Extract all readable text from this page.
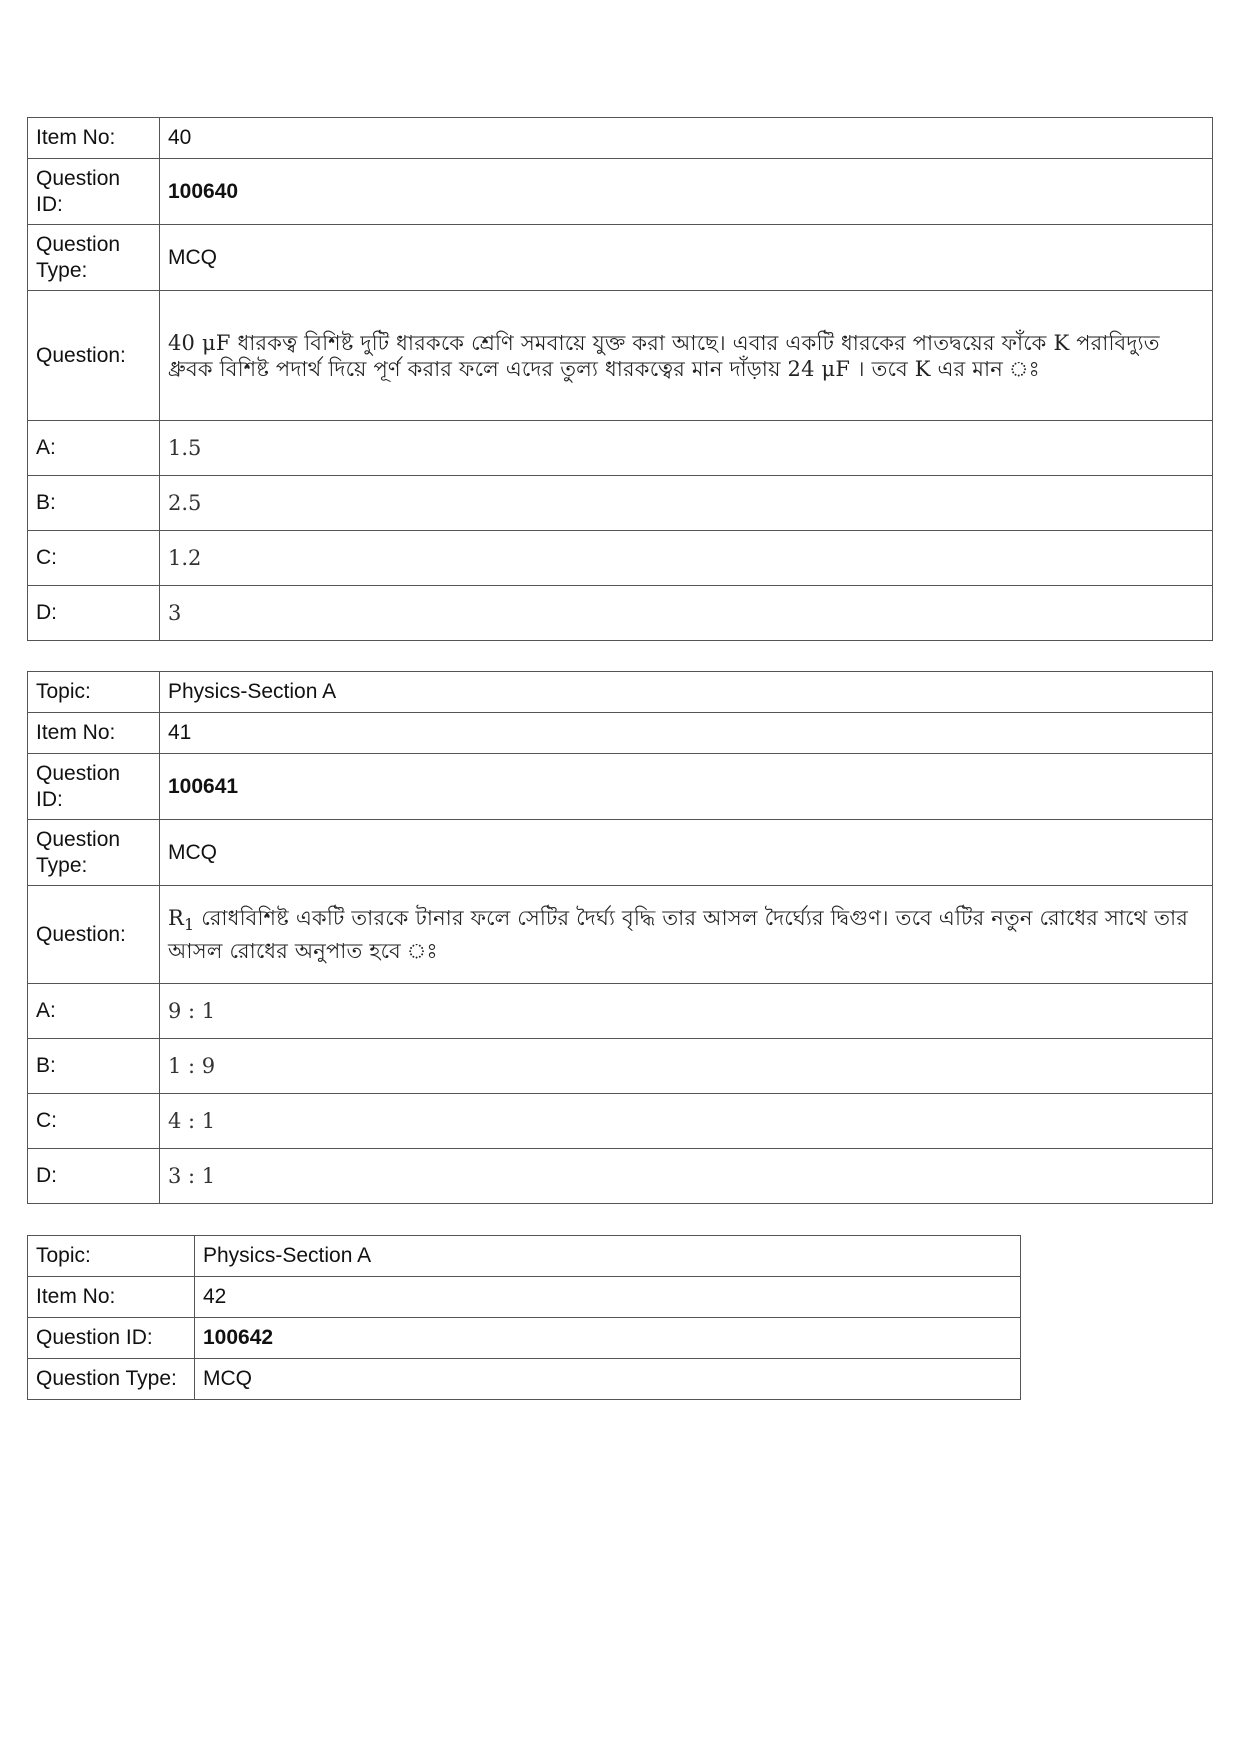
Item No:	40
Question ID:	100640
Question Type:	MCQ
Question:	40 μF ধারকত্ব বিশিষ্ট দুটি ধারককে শ্রেণি সমবায়ে যুক্ত করা আছে। এবার একটি ধারকের পাতদ্বয়ের ফাঁকে K পরাবিদ্যুত ধ্রুবক বিশিষ্ট পদার্থ দিয়ে পূর্ণ করার ফলে এদের তুল্য ধারকত্বের মান দাঁড়ায় 24 μF । তবে K এর মান ঃ
A:	1.5
B:	2.5
C:	1.2
D:	3
Topic:	Physics-Section A
Item No:	41
Question ID:	100641
Question Type:	MCQ
Question:	$R_1$ রোধবিশিষ্ট একটি তারকে টানার ফলে সেটির দৈর্ঘ্য বৃদ্ধি তার আসল দৈর্ঘ্যের দ্বিগুণ। তবে এটির নতুন রোধের সাথে তার আসল রোধের অনুপাত হবে ঃ
A:	9 : 1
B:	1 : 9
C:	4 : 1
D:	3 : 1
Topic:	Physics-Section A
Item No:	42
Question ID:	100642
Question Type:	MCQ
